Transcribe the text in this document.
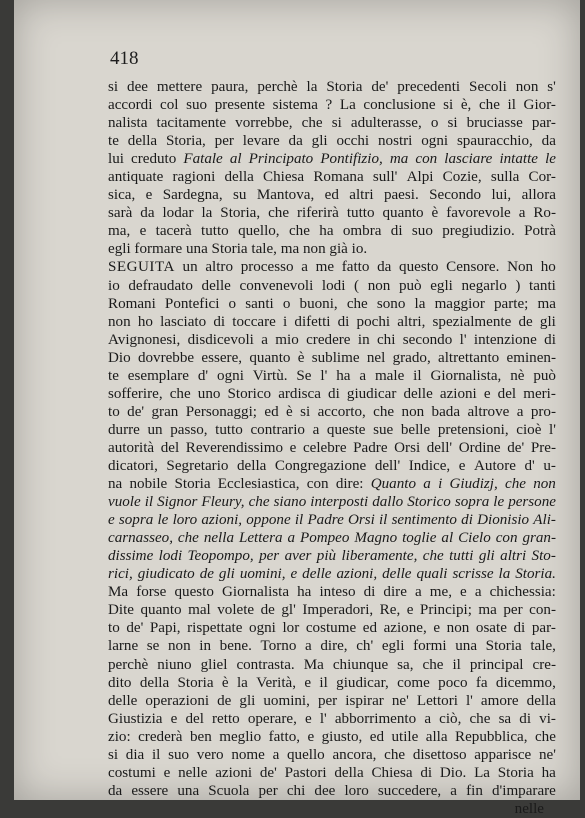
418
si dee mettere paura, perchè la Storia de' precedenti Secoli non s'
accordi col suo presente sistema ? La conclusione si è, che il Gior-
nalista tacitamente vorrebbe, che si adulterasse, o si bruciasse par-
te della Storia, per levare da gli occhi nostri ogni spauracchio, da
lui creduto Fatale al Principato Pontifizio, ma con lasciare intatte le
antiquate ragioni della Chiesa Romana sull' Alpi Cozie, sulla Cor-
sica, e Sardegna, su Mantova, ed altri paesi. Secondo lui, allora
sarà da lodar la Storia, che riferirà tutto quanto è favorevole a Ro-
ma, e tacerà tutto quello, che ha ombra di suo pregiudizio. Potrà
egli
formare
una
Storia
tale,
ma
non
già
io.
SEGUITA un altro processo a me fatto da questo Censore. Non ho
io defraudato delle convenevoli lodi ( non può egli negarlo ) tanti
Romani Pontefici o santi o buoni, che sono la maggior parte; ma
non ho lasciato di toccare i difetti di pochi altri, spezialmente de gli
Avignonesi, disdicevoli a mio credere in chi secondo l' intenzione di
Dio dovrebbe essere, quanto è sublime nel grado, altrettanto eminen-
te esemplare d' ogni Virtù. Se l' ha a male il Giornalista, nè può
sofferire, che uno Storico ardisca di giudicar delle azioni e del meri-
to de' gran Personaggi; ed è si accorto, che non bada altrove a pro-
durre un passo, tutto contrario a queste sue belle pretensioni, cioè l'
autorità del Reverendissimo e celebre Padre Orsi dell' Ordine de' Pre-
dicatori, Segretario della Congregazione dell' Indice, e Autore d' u-
na nobile Storia Ecclesiastica, con dire: Quanto a i Giudizj, che non
vuole il Signor Fleury, che siano interposti dallo Storico sopra le persone
e sopra le loro azioni, oppone il Padre Orsi il sentimento di Dionisio Ali-
carnasseo, che nella Lettera a Pompeo Magno toglie al Cielo con gran-
dissime lodi Teopompo, per aver più liberamente, che tutti gli altri Sto-
rici, giudicato de gli uomini, e delle azioni, delle quali scrisse la Storia.
Ma forse questo Giornalista ha inteso di dire a me, e a chichessia:
Dite quanto mal volete de gl' Imperadori, Re, e Principi; ma per con-
to de' Papi, rispettate ogni lor costume ed azione, e non osate di par-
larne se non in bene. Torno a dire, ch' egli formi una Storia tale,
perchè niuno gliel contrasta. Ma chiunque sa, che il principal cre-
dito della Storia è la Verità, e il giudicar, come poco fa dicemmo,
delle operazioni de gli uomini, per ispirar ne' Lettori l' amore della
Giustizia e del retto operare, e l' abborrimento a ciò, che sa di vi-
zio: crederà ben meglio fatto, e giusto, ed utile alla Repubblica, che
si dia il suo vero nome a quello ancora, che disettoso apparisce ne'
costumi e nelle azioni de' Pastori della Chiesa di Dio. La Storia ha
da essere una Scuola per chi dee loro succedere, a fin d'imparare
nelle
